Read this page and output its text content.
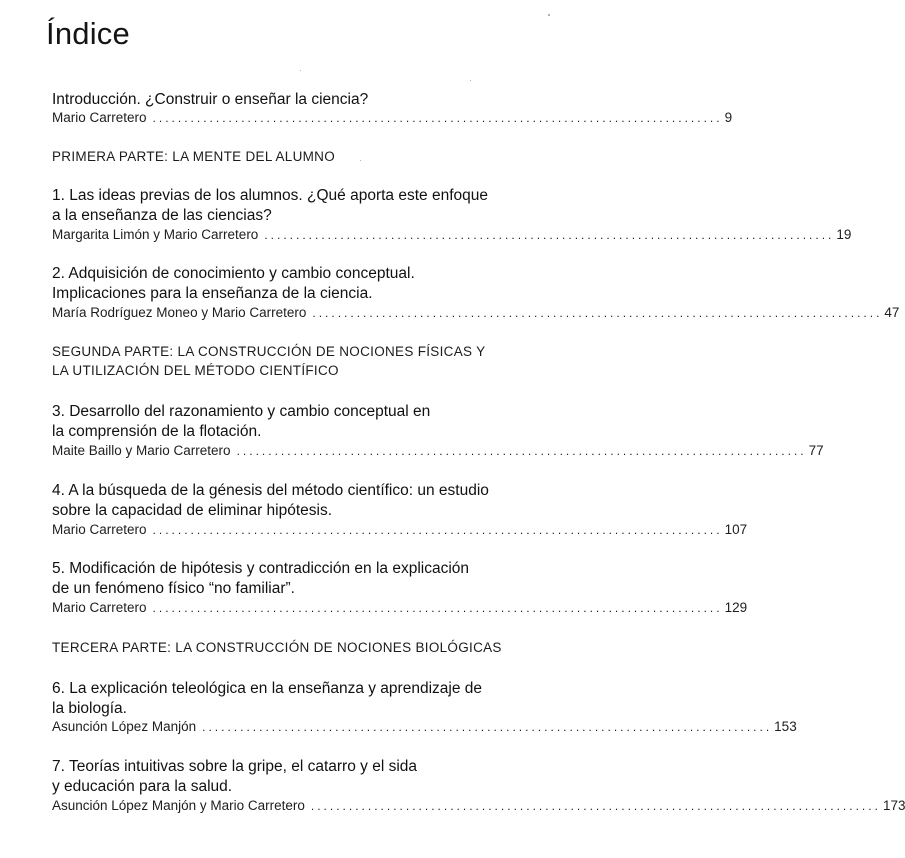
Índice
Introducción. ¿Construir o enseñar la ciencia?
Mario Carretero .......................................................................................... 9
PRIMERA PARTE: LA MENTE DEL ALUMNO
1. Las ideas previas de los alumnos. ¿Qué aporta este enfoque
a la enseñanza de las ciencias?
Margarita Limón y Mario Carretero .......................................................................................... 19
2. Adquisición de conocimiento y cambio conceptual.
Implicaciones para la enseñanza de la ciencia.
María Rodríguez Moneo y Mario Carretero .......................................................................................... 47
SEGUNDA PARTE: LA CONSTRUCCIÓN DE NOCIONES FÍSICAS Y
LA UTILIZACIÓN DEL MÉTODO CIENTÍFICO
3. Desarrollo del razonamiento y cambio conceptual en
la comprensión de la flotación.
Maite Baillo y Mario Carretero .......................................................................................... 77
4. A la búsqueda de la génesis del método científico: un estudio
sobre la capacidad de eliminar hipótesis.
Mario Carretero .......................................................................................... 107
5. Modificación de hipótesis y contradicción en la explicación
de un fenómeno físico “no familiar”.
Mario Carretero .......................................................................................... 129
TERCERA PARTE: LA CONSTRUCCIÓN DE NOCIONES BIOLÓGICAS
6. La explicación teleológica en la enseñanza y aprendizaje de
la biología.
Asunción López Manjón .......................................................................................... 153
7. Teorías intuitivas sobre la gripe, el catarro y el sida
y educación para la salud.
Asunción López Manjón y Mario Carretero .......................................................................................... 173
